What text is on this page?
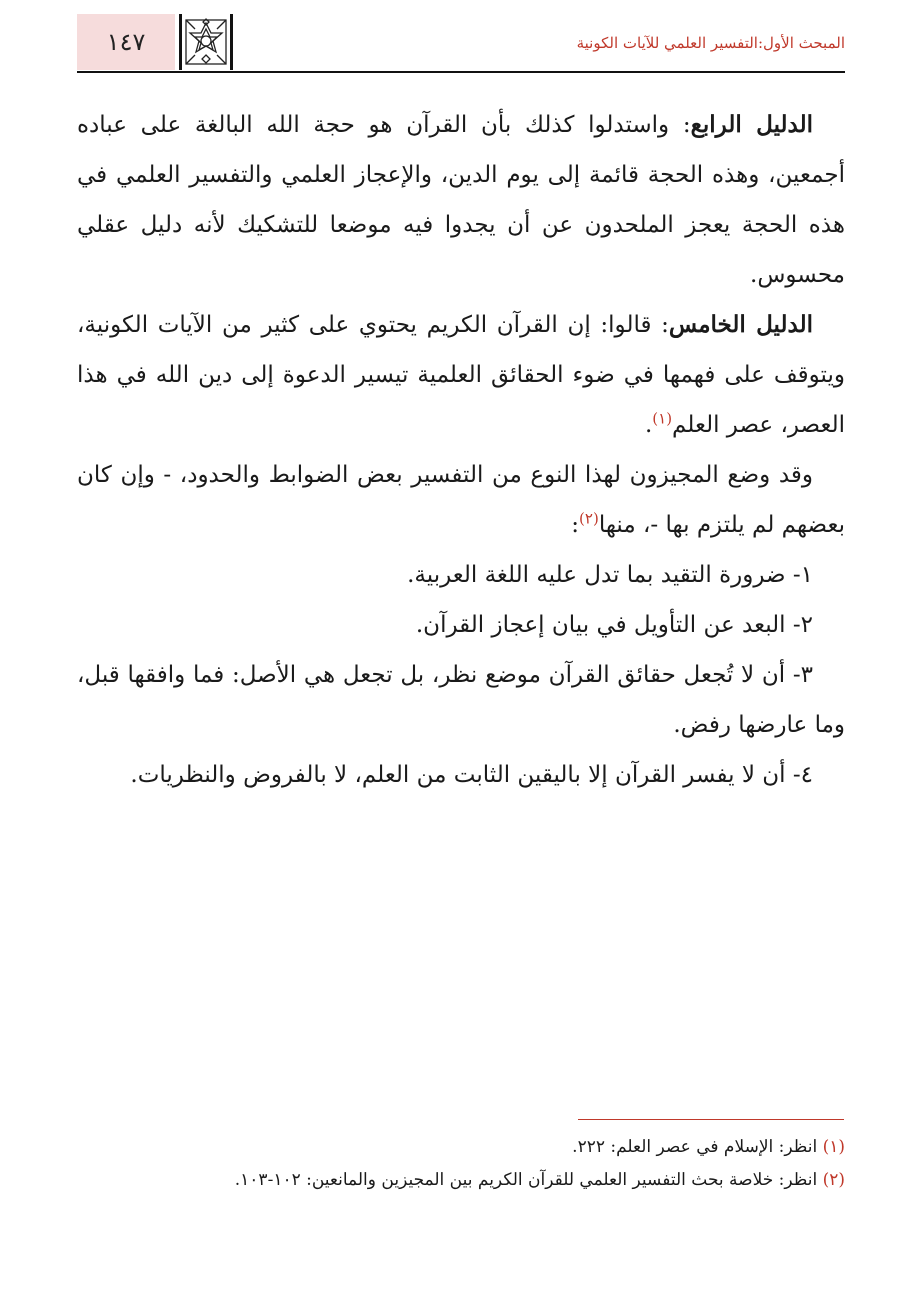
١٤٧	المبحث الأول:التفسير العلمي للآيات الكونية

الدليل الرابع: واستدلوا كذلك بأن القرآن هو حجة الله البالغة على عباده أجمعين، وهذه الحجة قائمة إلى يوم الدين، والإعجاز العلمي والتفسير العلمي في هذه الحجة يعجز الملحدون عن أن يجدوا فيه موضعا للتشكيك لأنه دليل عقلي محسوس.

الدليل الخامس: قالوا: إن القرآن الكريم يحتوي على كثير من الآيات الكونية، ويتوقف على فهمها في ضوء الحقائق العلمية تيسير الدعوة إلى دين الله في هذا العصر، عصر العلم$^{(١)}$.

وقد وضع المجيزون لهذا النوع من التفسير بعض الضوابط والحدود، - وإن كان بعضهم لم يلتزم بها -، منها$^{(٢)}$:

١- ضرورة التقيد بما تدل عليه اللغة العربية.

٢- البعد عن التأويل في بيان إعجاز القرآن.

٣- أن لا تُجعل حقائق القرآن موضع نظر، بل تجعل هي الأصل: فما وافقها قبل، وما عارضها رفض.

٤- أن لا يفسر القرآن إلا باليقين الثابت من العلم، لا بالفروض والنظريات.

(١) انظر: الإسلام في عصر العلم: ٢٢٢.

(٢) انظر: خلاصة بحث التفسير العلمي للقرآن الكريم بين المجيزين والمانعين: ١٠٢-١٠٣.
